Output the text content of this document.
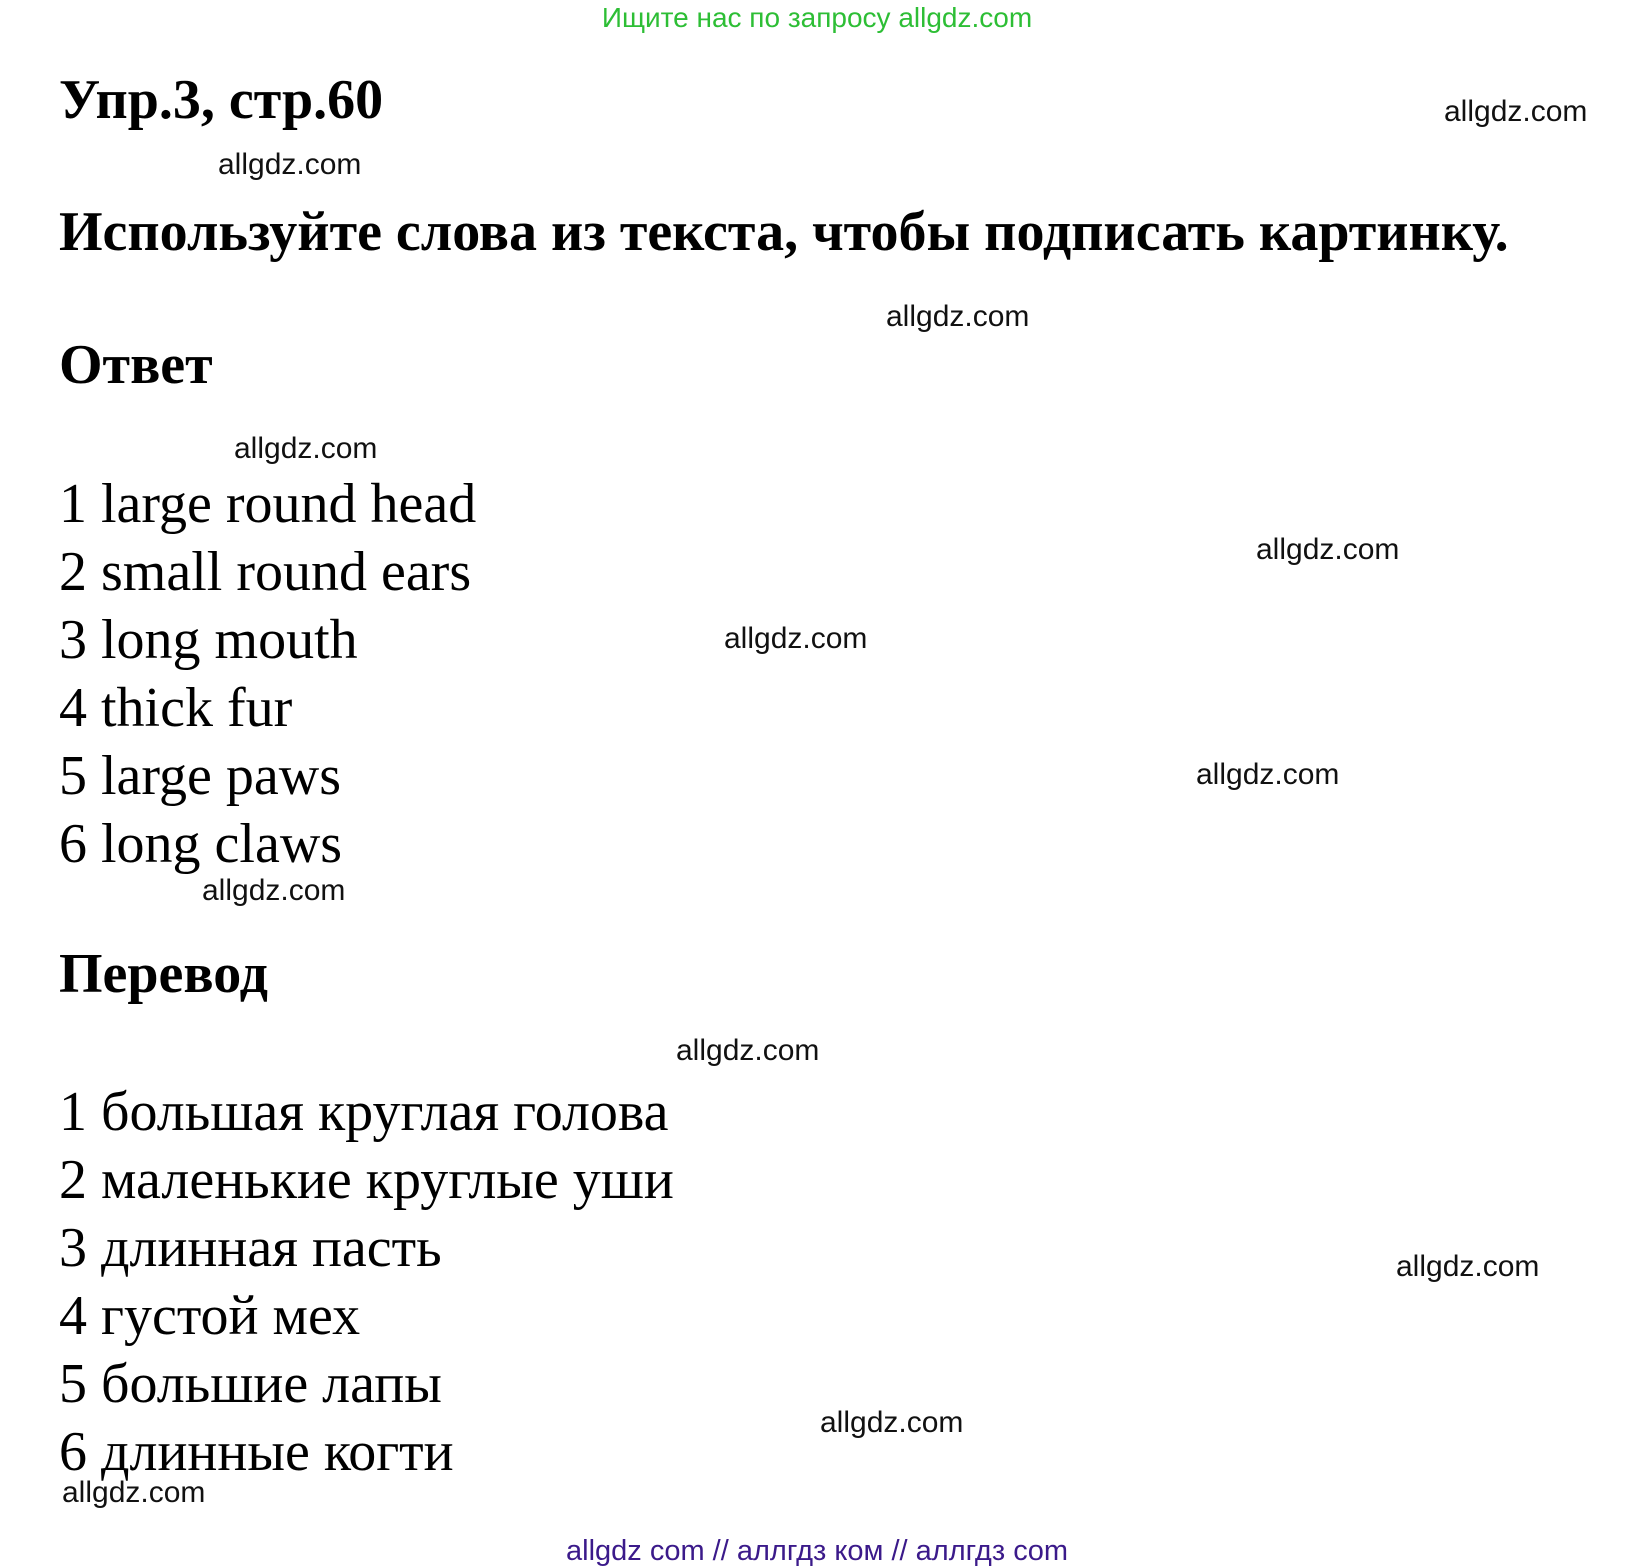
Ищите нас по запросу allgdz.com
Упр.3, стр.60
Используйте слова из текста, чтобы подписать картинку.
Ответ
1 large round head
2 small round ears
3 long mouth
4 thick fur
5 large paws
6 long claws
Перевод
1 большая круглая голова
2 маленькие круглые уши
3 длинная пасть
4 густой мех
5 большие лапы
6 длинные когти
allgdz.com
allgdz.com
allgdz.com
allgdz.com
allgdz.com
allgdz.com
allgdz.com
allgdz.com
allgdz.com
allgdz.com
allgdz.com
allgdz.com
allgdz com // аллгдз ком // аллгдз com
